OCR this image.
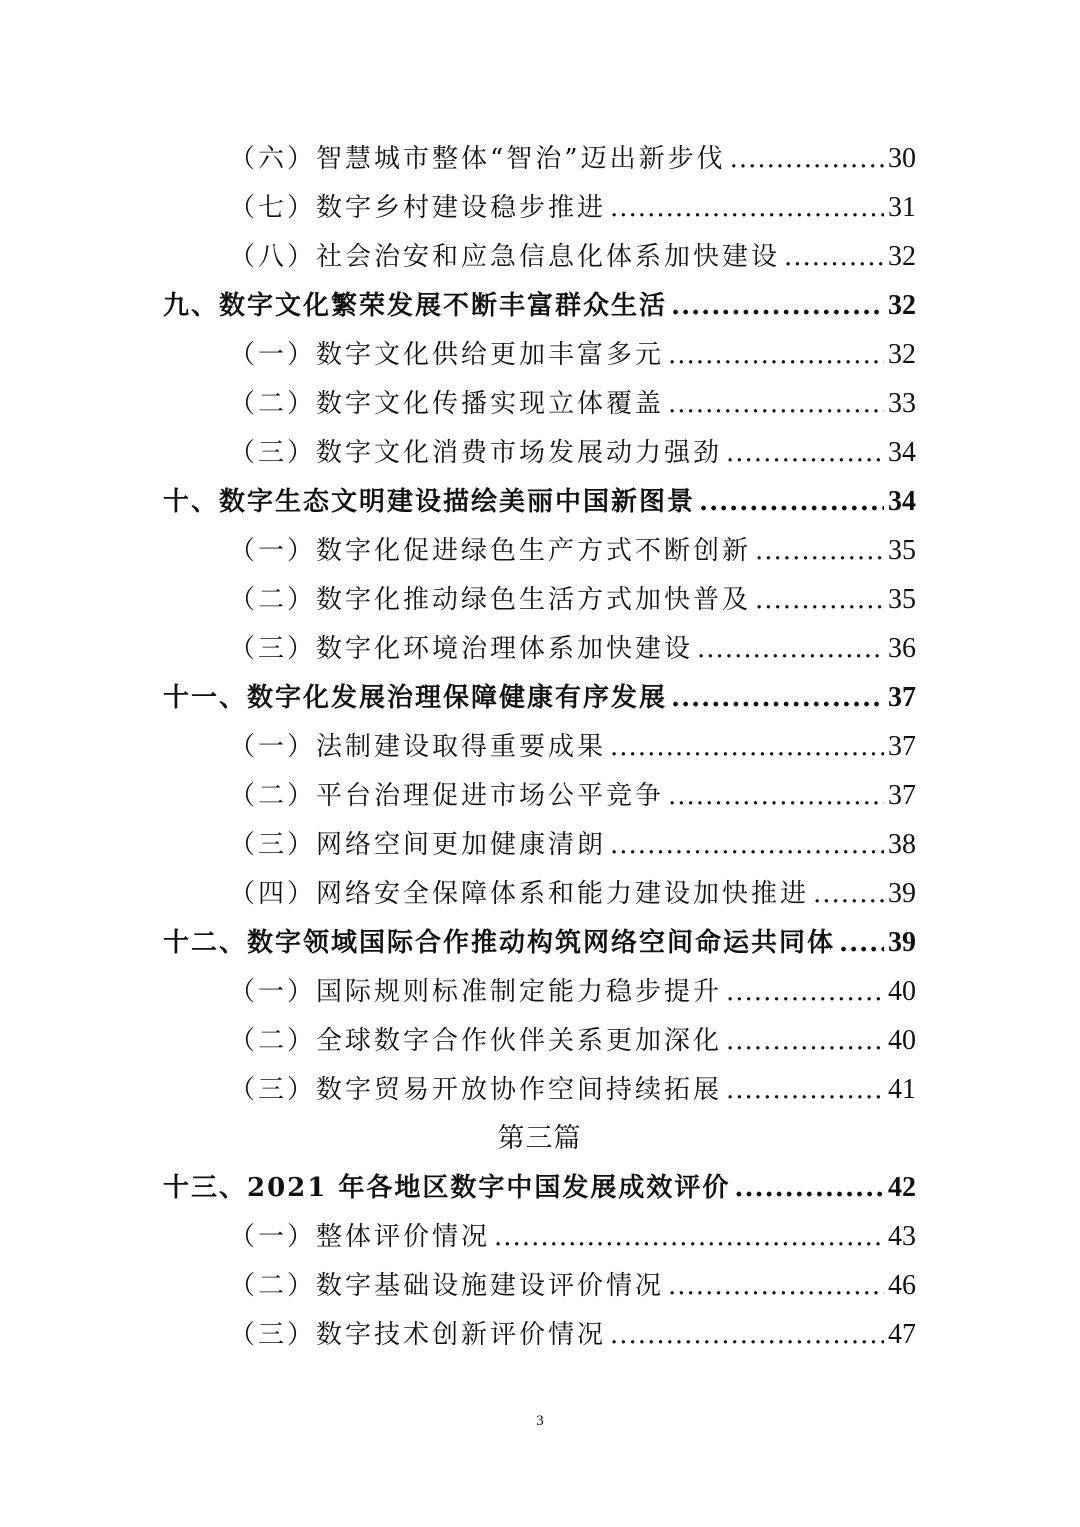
（六）智慧城市整体“智治”迈出新步伐 .....	30
（七）数字乡村建设稳步推进 .....	31
（八）社会治安和应急信息化体系加快建设 .....	32
九、数字文化繁荣发展不断丰富群众生活 .....	32
（一）数字文化供给更加丰富多元 .....	32
（二）数字文化传播实现立体覆盖 .....	33
（三）数字文化消费市场发展动力强劲 .....	34
十、数字生态文明建设描绘美丽中国新图景 .....	34
（一）数字化促进绿色生产方式不断创新 .....	35
（二）数字化推动绿色生活方式加快普及 .....	35
（三）数字化环境治理体系加快建设 .....	36
十一、数字化发展治理保障健康有序发展 .....	37
（一）法制建设取得重要成果 .....	37
（二）平台治理促进市场公平竞争 .....	37
（三）网络空间更加健康清朗 .....	38
（四）网络安全保障体系和能力建设加快推进 .....	39
十二、数字领域国际合作推动构筑网络空间命运共同体 ..... 39
（一）国际规则标准制定能力稳步提升 .....	40
（二）全球数字合作伙伴关系更加深化 .....	40
（三）数字贸易开放协作空间持续拓展 .....	41
第三篇
十三、2021 年各地区数字中国发展成效评价 .....	42
（一）整体评价情况 .....	43
（二）数字基础设施建设评价情况 .....	46
（三）数字技术创新评价情况 .....	47
3
